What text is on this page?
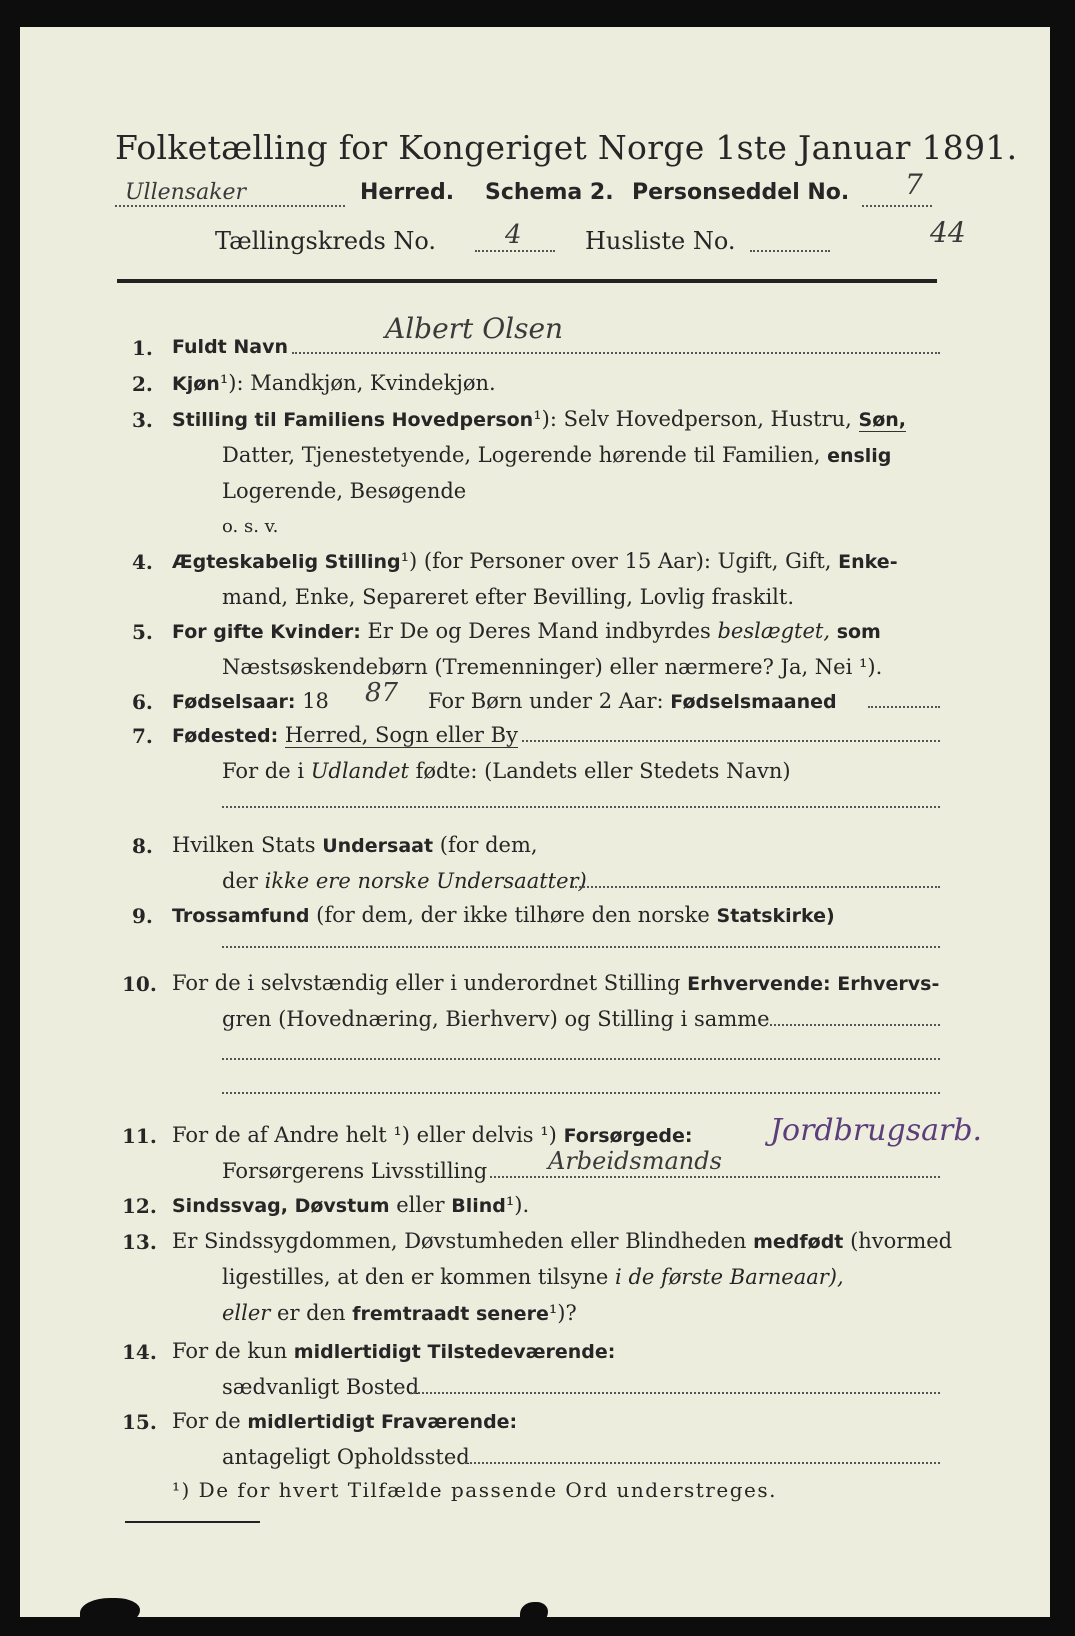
Folketælling for Kongeriget Norge 1ste Januar 1891.
Ullensaker	Herred. Schema 2. Personseddel No. 7
Tællingskreds No.	4	Husliste No.	44
1. Fuldt Navn
Albert Olsen
2. Kjøn¹): Mandkjøn, Kvindekjøn.
3. Stilling til Familiens Hovedperson¹): Selv Hovedperson, Hustru, Søn,
Datter, Tjenestetyende, Logerende hørende til Familien, enslig
Logerende, Besøgende
o. s. v.
4. Ægteskabelig Stilling¹) (for Personer over 15 Aar): Ugift, Gift, Enke-
mand, Enke, Separeret efter Bevilling, Lovlig fraskilt.
5. For gifte Kvinder: Er De og Deres Mand indbyrdes beslægtet, som
Næstsøskendebørn (Tremenninger) eller nærmere? Ja, Nei ¹).
6. Fødselsaar: 18 87 For Børn under 2 Aar: Fødselsmaaned
7. Fødested: Herred, Sogn eller By
For de i Udlandet fødte: (Landets eller Stedets Navn)
8. Hvilken Stats Undersaat (for dem,
der ikke ere norske Undersaatter)
9. Trossamfund (for dem, der ikke tilhøre den norske Statskirke)
10. For de i selvstændig eller i underordnet Stilling Erhvervende: Erhvervs-
gren (Hovednæring, Bierhverv) og Stilling i samme
11. For de af Andre helt ¹) eller delvis ¹) Forsørgede:
Forsørgerens Livsstilling	Arbeidsmands
Jordbrugsarb.
12. Sindssvag, Døvstum eller Blind¹).
13. Er Sindssygdommen, Døvstumheden eller Blindheden medfødt (hvormed
ligestilles, at den er kommen tilsyne i de første Barneaar),
eller er den fremtraadt senere¹)?
14. For de kun midlertidigt Tilstedeværende:
sædvanligt Bosted
15. For de midlertidigt Fraværende:
antageligt Opholdssted
¹) De for hvert Tilfælde passende Ord understreges.
